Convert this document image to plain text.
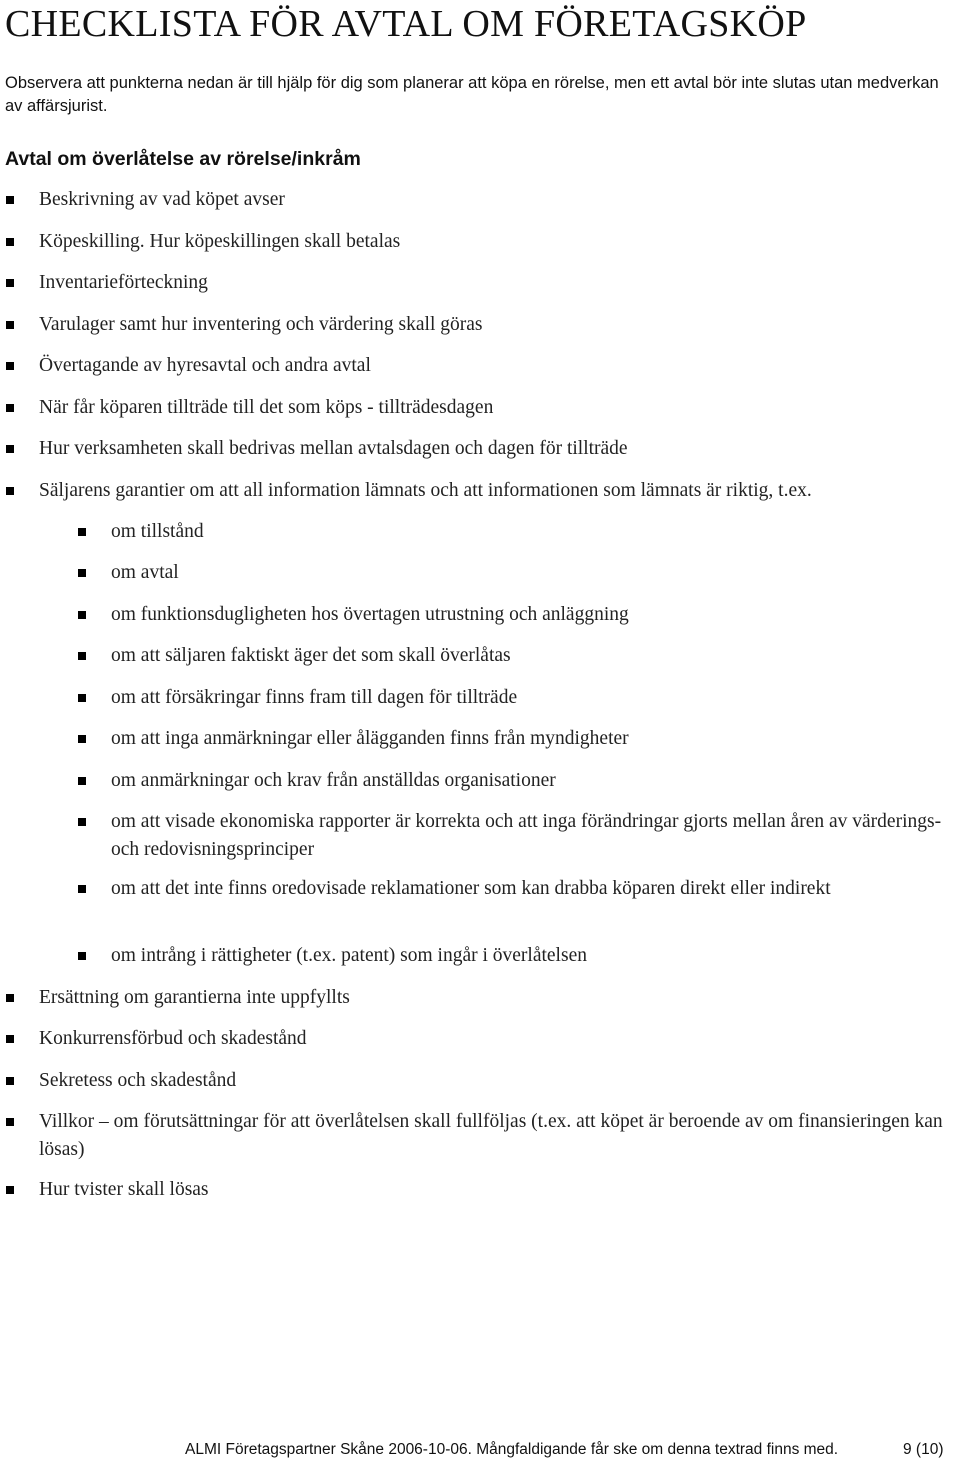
CHECKLISTA FÖR AVTAL OM FÖRETAGSKÖP

Observera att punkterna nedan är till hjälp för dig som planerar att köpa en rörelse, men ett avtal bör inte slutas utan medverkan av affärsjurist.

Avtal om överlåtelse av rörelse/inkråm
Beskrivning av vad köpet avser
Köpeskilling. Hur köpeskillingen skall betalas
Inventarieförteckning
Varulager samt hur inventering och värdering skall göras
Övertagande av hyresavtal och andra avtal
När får köparen tillträde till det som köps - tillträdesdagen
Hur verksamheten skall bedrivas mellan avtalsdagen och dagen för tillträde
Säljarens garantier om att all information lämnats och att informationen som lämnats är riktig, t.ex.
om tillstånd
om avtal
om funktionsdugligheten hos övertagen utrustning och anläggning
om att säljaren faktiskt äger det som skall överlåtas
om att försäkringar finns fram till dagen för tillträde
om att inga anmärkningar eller ålägganden finns från myndigheter
om anmärkningar och krav från anställdas organisationer
om att visade ekonomiska rapporter är korrekta och att inga förändringar gjorts mellan åren av värderings- och redovisningsprinciper
om att det inte finns oredovisade reklamationer som kan drabba köparen direkt eller indirekt
om intrång i rättigheter (t.ex. patent) som ingår i överlåtelsen
Ersättning om garantierna inte uppfyllts
Konkurrensförbud och skadestånd
Sekretess och skadestånd
Villkor – om förutsättningar för att överlåtelsen skall fullföljas (t.ex. att köpet är beroende av om finansieringen kan lösas)
Hur tvister skall lösas

ALMI Företagspartner Skåne 2006-10-06. Mångfaldigande får ske om denna textrad finns med.	9 (10)
